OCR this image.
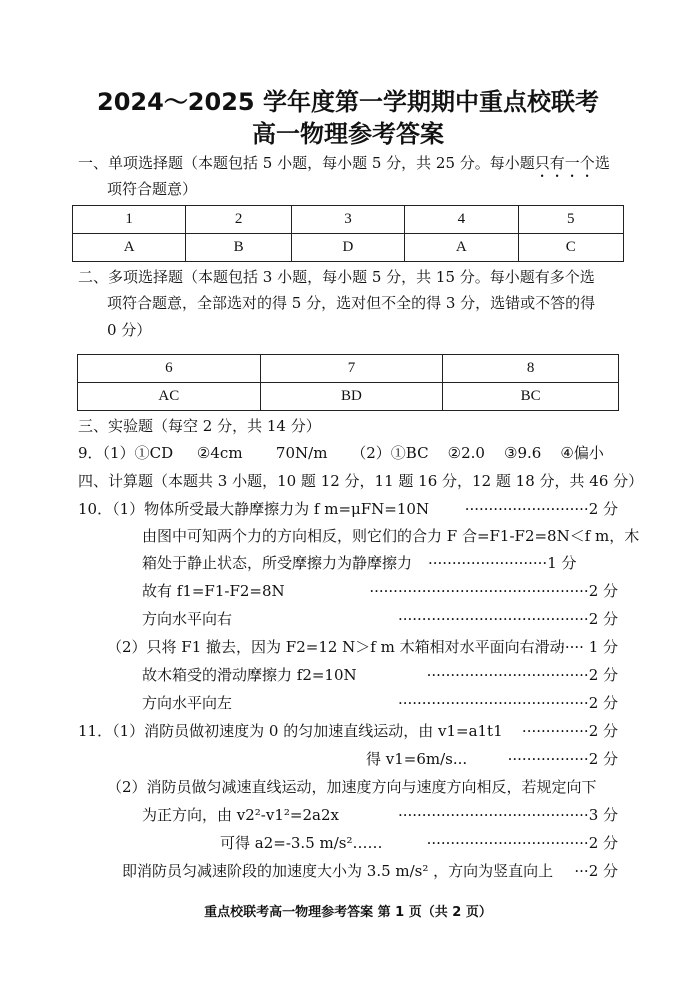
2024～2025 学年度第一学期期中重点校联考
高一物理参考答案
一、单项选择题（本题包括 5 小题，每小题 5 分，共 25 分。每小题只有一个选
项符合题意）
1	2	3	4	5
A	B	D	A	C
二、多项选择题（本题包括 3 小题，每小题 5 分，共 15 分。每小题有多个选
项符合题意，全部选对的得 5 分，选对但不全的得 3 分，选错或不答的得
0 分）
6	7	8
AC	BD	BC
三、实验题（每空 2 分，共 14 分）
9．（1）①CD     ②4cm       70N/m     （2）①BC    ②2.0    ③9.6    ④偏小
四、计算题（本题共 3 小题，10 题 12 分，11 题 16 分，12 题 18 分，共 46 分）
10．（1）物体所受最大静摩擦力为 f m=μFN=10N	··························2 分
由图中可知两个力的方向相反，则它们的合力 F 合=F1-F2=8N＜f m，木
箱处于静止状态，所受摩擦力为静摩擦力 ·························1 分
故有 f1=F1-F2=8N	··············································2 分
方向水平向右	········································2 分
（2）只将 F1 撤去，因为 F2=12 N＞f m 木箱相对水平面向右滑动
······ 1 分
故木箱受的滑动摩擦力 f2=10N	··································2 分
方向水平向左	········································2 分
11．（1）消防员做初速度为 0 的匀加速直线运动，由 v1=a1t1	··············2 分
得 v1=6m/s...	·················2 分
（2）消防员做匀减速直线运动，加速度方向与速度方向相反，若规定向下
为正方向，由 v2²-v1²=2a2x	········································3 分
可得 a2=-3.5 m/s²……	··································2 分
即消防员匀减速阶段的加速度大小为 3.5 m/s² ，方向为竖直向上 ···2 分
重点校联考高一物理参考答案 第 1 页（共 2 页）
